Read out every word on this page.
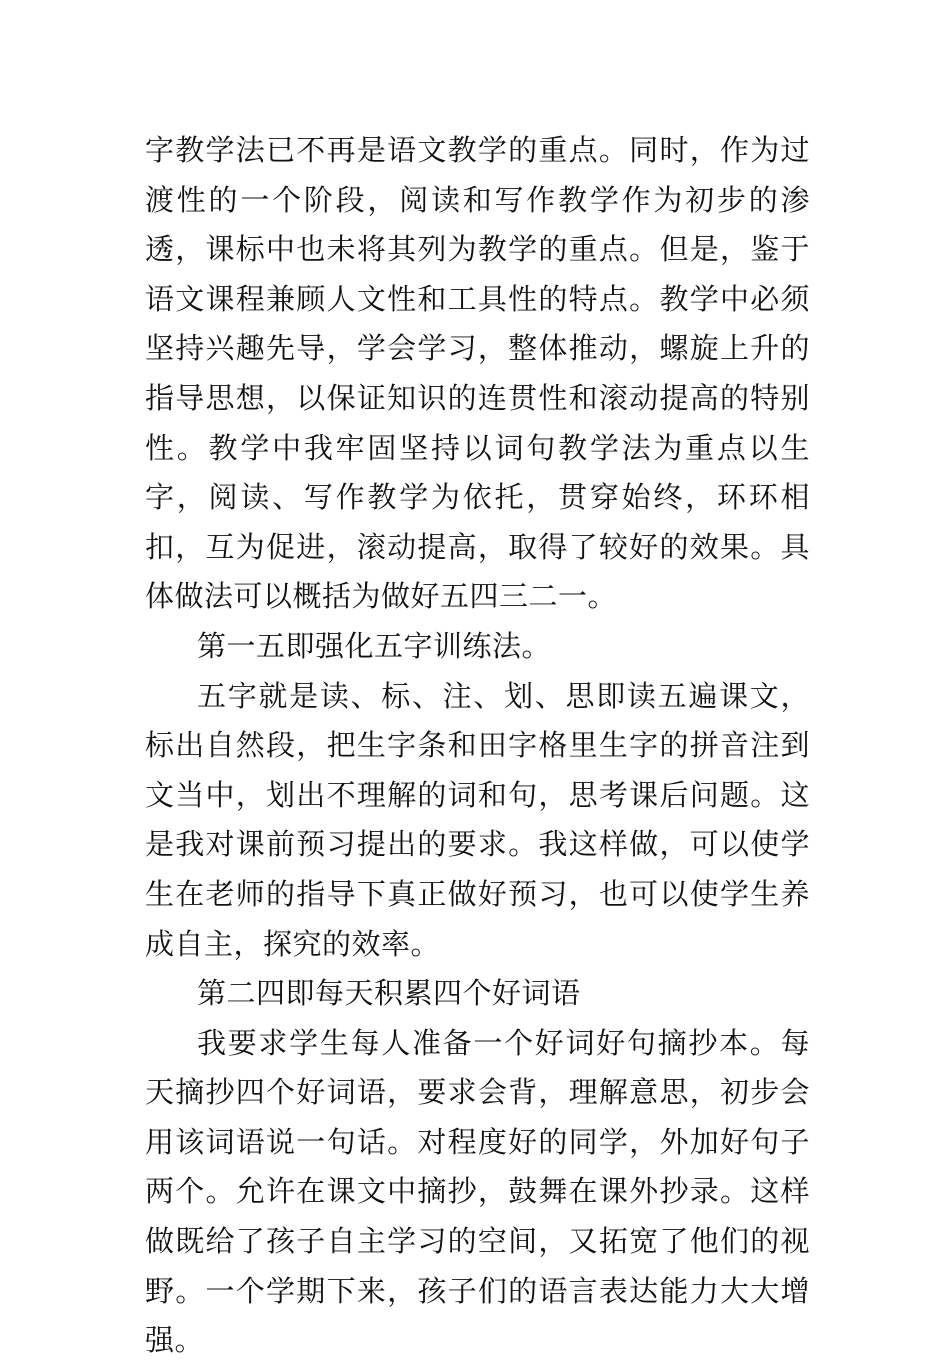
字教学法已不再是语文教学的重点。同时，作为过渡性的一个阶段，阅读和写作教学作为初步的渗透，课标中也未将其列为教学的重点。但是，鉴于语文课程兼顾人文性和工具性的特点。教学中必须坚持兴趣先导，学会学习，整体推动，螺旋上升的指导思想，以保证知识的连贯性和滚动提高的特别性。教学中我牢固坚持以词句教学法为重点以生字，阅读、写作教学为依托，贯穿始终，环环相扣，互为促进，滚动提高，取得了较好的效果。具体做法可以概括为做好五四三二一。

第一五即强化五字训练法。

五字就是读、标、注、划、思即读五遍课文，标出自然段，把生字条和田字格里生字的拼音注到文当中，划出不理解的词和句，思考课后问题。这是我对课前预习提出的要求。我这样做，可以使学生在老师的指导下真正做好预习，也可以使学生养成自主，探究的效率。

第二四即每天积累四个好词语

我要求学生每人准备一个好词好句摘抄本。每天摘抄四个好词语，要求会背，理解意思，初步会用该词语说一句话。对程度好的同学，外加好句子两个。允许在课文中摘抄，鼓舞在课外抄录。这样做既给了孩子自主学习的空间，又拓宽了他们的视野。一个学期下来，孩子们的语言表达能力大大增强。
